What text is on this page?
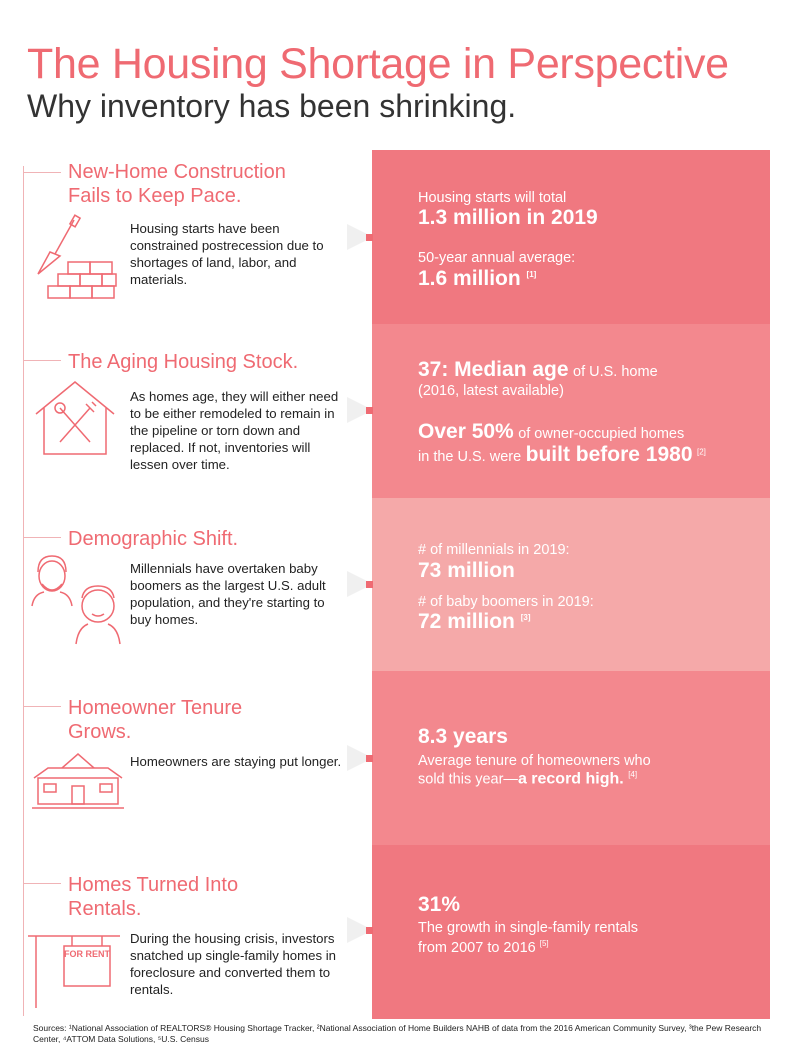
The Housing Shortage in Perspective
Why inventory has been shrinking.
Housing starts will total
1.3 million in 2019
50-year annual average:
1.6 million [1]
37: Median age of U.S. home
(2016, latest available)
Over 50% of owner-occupied homes
in the U.S. were built before 1980 [2]
# of millennials in 2019:
73 million
# of baby boomers in 2019:
72 million [3]
8.3 years
Average tenure of homeowners who
sold this year—a record high. [4]
31%
The growth in single-family rentals
from 2007 to 2016 [5]
New-Home Construction
Fails to Keep Pace.
Housing starts have been constrained postrecession due to shortages of land, labor, and materials.
The Aging Housing Stock.
As homes age, they will either need to be either remodeled to remain in the pipeline or torn down and replaced. If not, inventories will lessen over time.
Demographic Shift.
Millennials have overtaken baby boomers as the largest U.S. adult population, and they're starting to buy homes.
Homeowner Tenure
Grows.
Homeowners are staying put longer.
Homes Turned Into
Rentals.
During the housing crisis, investors snatched up single-family homes in foreclosure and converted them to rentals.
FOR RENT
Sources: ¹National Association of REALTORS® Housing Shortage Tracker, ²National Association of Home Builders NAHB of data from the 2016 American Community Survey, ³the Pew Research Center, ⁴ATTOM Data Solutions, ⁵U.S. Census
